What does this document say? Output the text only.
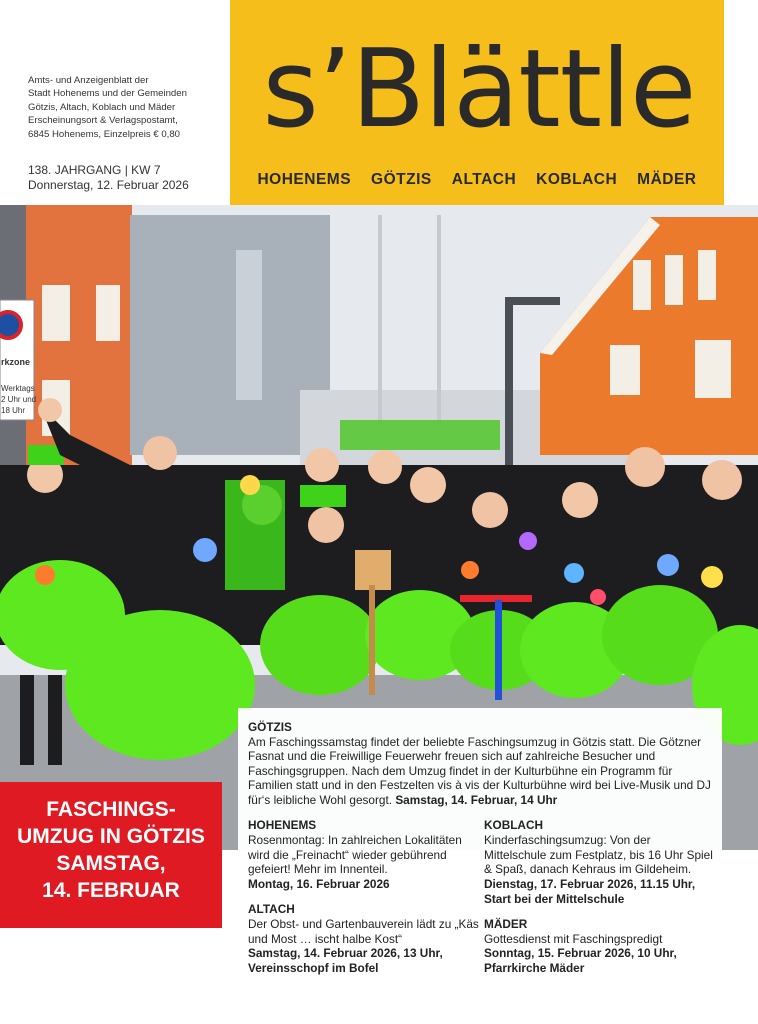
Amts- und Anzeigenblatt der
Stadt Hohenems und der Gemeinden
Götzis, Altach, Koblach und Mäder
Erscheinungsort & Verlagspostamt,
6845 Hohenems, Einzelpreis € 0,80
138. JAHRGANG | KW 7
Donnerstag, 12. Februar 2026
s’Blättle
HOHENEMS GÖTZIS ALTACH KOBLACH MÄDER
rkzone
Werktags
2 Uhr und
18 Uhr
GÖTZIS
Am Faschingssamstag findet der beliebte Faschingsumzug in Götzis statt. Die Götzner Fasnat und die Freiwillige Feuerwehr freuen sich auf zahlreiche Besucher und Faschingsgruppen. Nach dem Umzug findet in der Kulturbühne ein Programm für Familien statt und in den Festzelten vis à vis der Kulturbühne wird bei Live-Musik und DJ für‘s leibliche Wohl gesorgt. Samstag, 14. Februar, 14 Uhr
HOHENEMS
Rosenmontag: In zahlreichen Lokalitäten wird die „Freinacht“ wieder gebührend gefeiert! Mehr im Innenteil.
Montag, 16. Februar 2026
ALTACH
Der Obst- und Gartenbauverein lädt zu „Käs und Most … ischt halbe Kost“
Samstag, 14. Februar 2026, 13 Uhr, Vereinsschopf im Bofel
KOBLACH
Kinderfaschingsumzug: Von der Mittelschule zum Festplatz, bis 16 Uhr Spiel & Spaß, danach Kehraus im Gildeheim.
Dienstag, 17. Februar 2026, 11.15 Uhr, Start bei der Mittelschule
MÄDER
Gottesdienst mit Faschingspredigt
Sonntag, 15. Februar 2026, 10 Uhr, Pfarrkirche Mäder
FASCHINGS-
UMZUG IN GÖTZIS
SAMSTAG,
14. FEBRUAR
